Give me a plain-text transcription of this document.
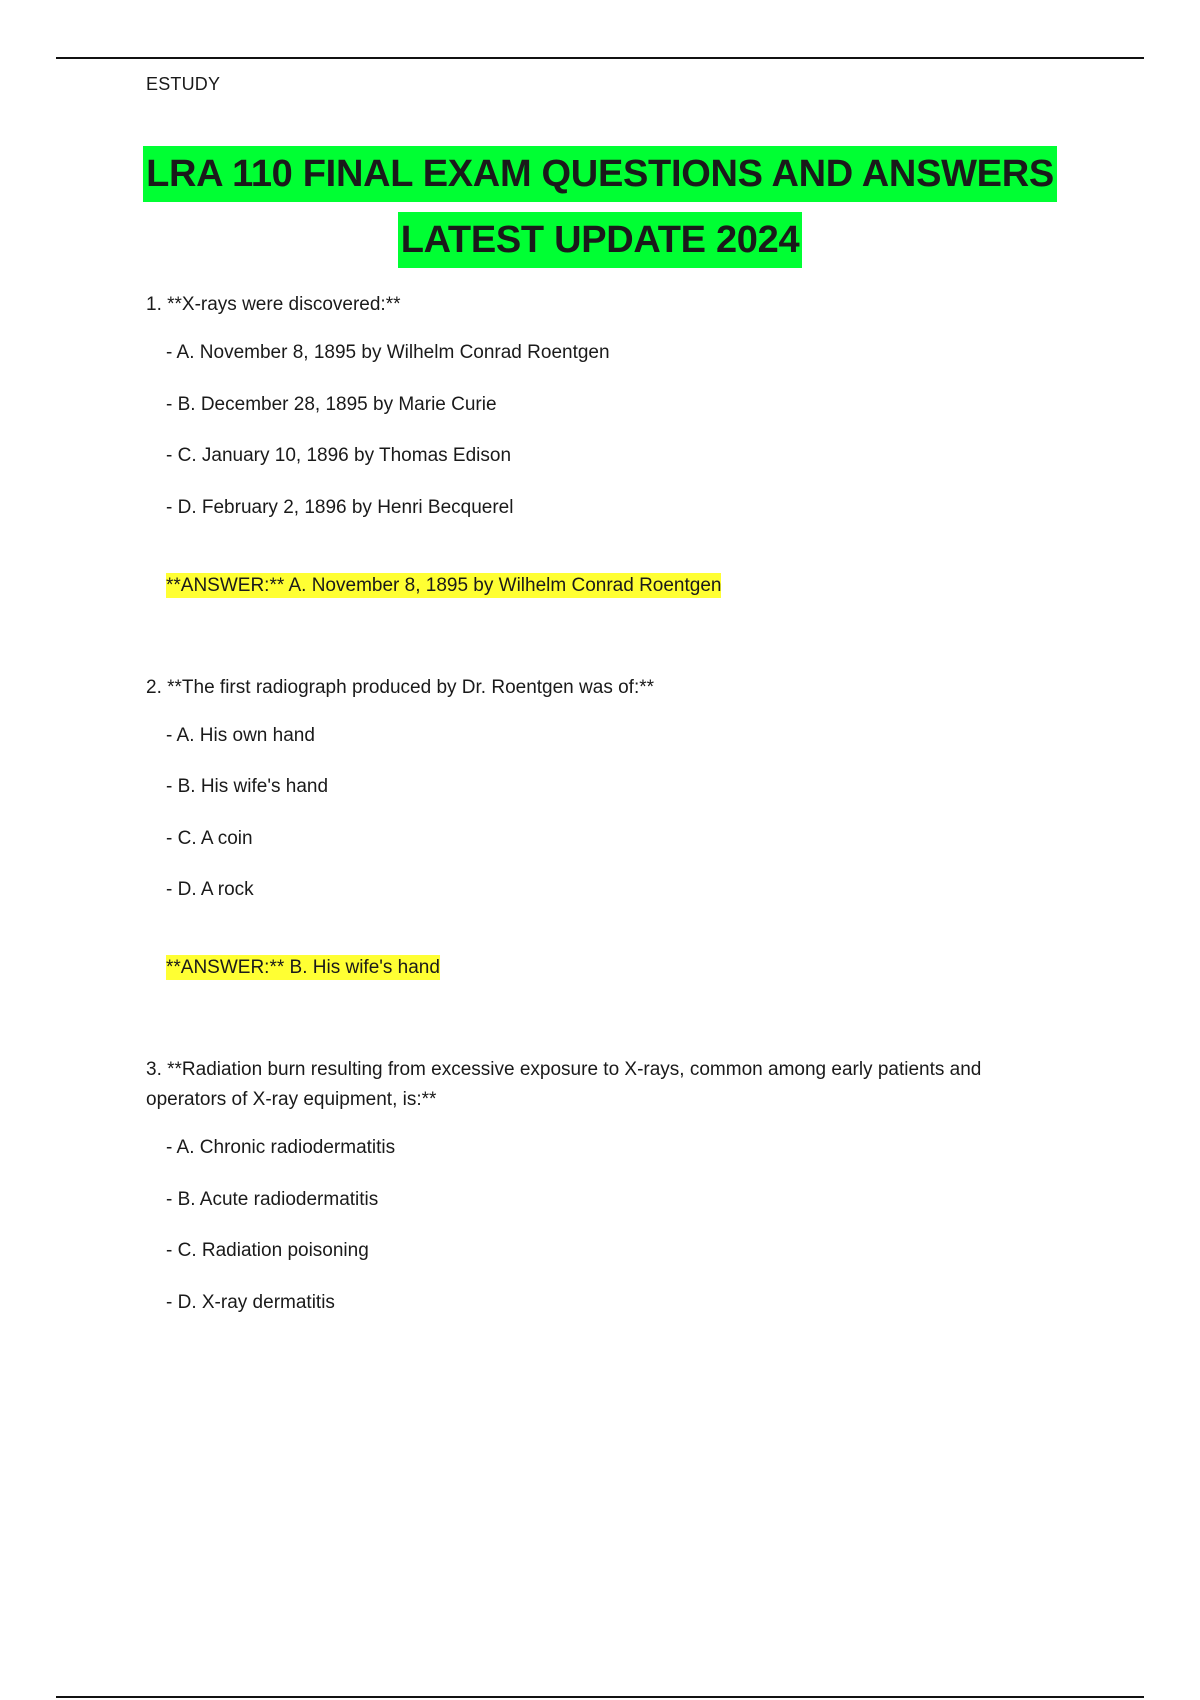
ESTUDY
LRA 110 FINAL EXAM QUESTIONS AND ANSWERS
LATEST UPDATE 2024
1. **X-rays were discovered:**
- A. November 8, 1895 by Wilhelm Conrad Roentgen
- B. December 28, 1895 by Marie Curie
- C. January 10, 1896 by Thomas Edison
- D. February 2, 1896 by Henri Becquerel
**ANSWER:** A. November 8, 1895 by Wilhelm Conrad Roentgen
2. **The first radiograph produced by Dr. Roentgen was of:**
- A. His own hand
- B. His wife's hand
- C. A coin
- D. A rock
**ANSWER:** B. His wife's hand
3. **Radiation burn resulting from excessive exposure to X-rays, common among early patients and operators of X-ray equipment, is:**
- A. Chronic radiodermatitis
- B. Acute radiodermatitis
- C. Radiation poisoning
- D. X-ray dermatitis
